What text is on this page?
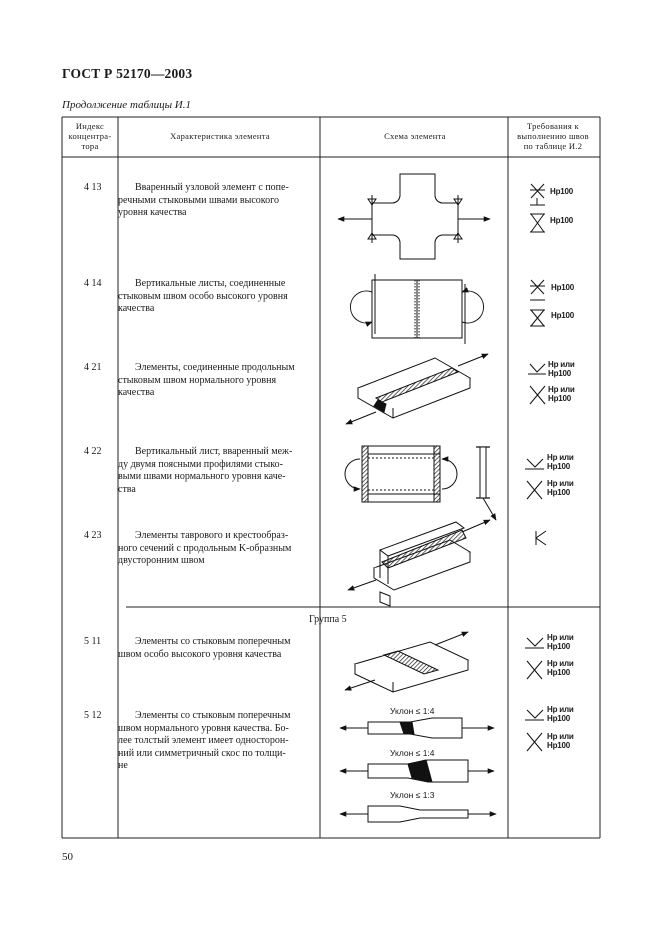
ГОСТ Р 52170—2003
Продолжение таблицы И.1
Индекс
концентра-
тора
Характеристика элемента	Схема элемента
Требования к
выполнению швов
по таблице И.2
4 13
4 14
4 21
4 22
4 23
5 11
5 12
Вваренный узловой элемент с попе-
речными стыковыми швами высокого
уровня качества
Вертикальные листы, соединенные
стыковым швом особо высокого уровня
качества
Элементы, соединенные продольным
стыковым швом нормального уровня
качества
Вертикальный лист, вваренный меж-
ду двумя поясными профилями стыко-
выми швами нормального уровня каче-
ства
Элементы таврового и крестообраз-
ного сечений с продольным K-образным
двусторонним швом
Элементы со стыковым поперечным
швом особо высокого уровня качества
Элементы со стыковым поперечным
швом нормального уровня качества. Бо-
лее толстый элемент имеет односторон-
ний или симметричный скос по толщи-
не
Группа 5
50
Нр100
Нр100
Нр100
Нр100
Нр или
Нр100
Нр или
Нр100
Нр или
Нр100
Нр или
Нр100
Нр или
Нр100
Нр или
Нр100
Нр или
Нр100
Нр или
Нр100
Уклон ≤ 1:4
Уклон ≤ 1:4
Уклон ≤ 1:3
